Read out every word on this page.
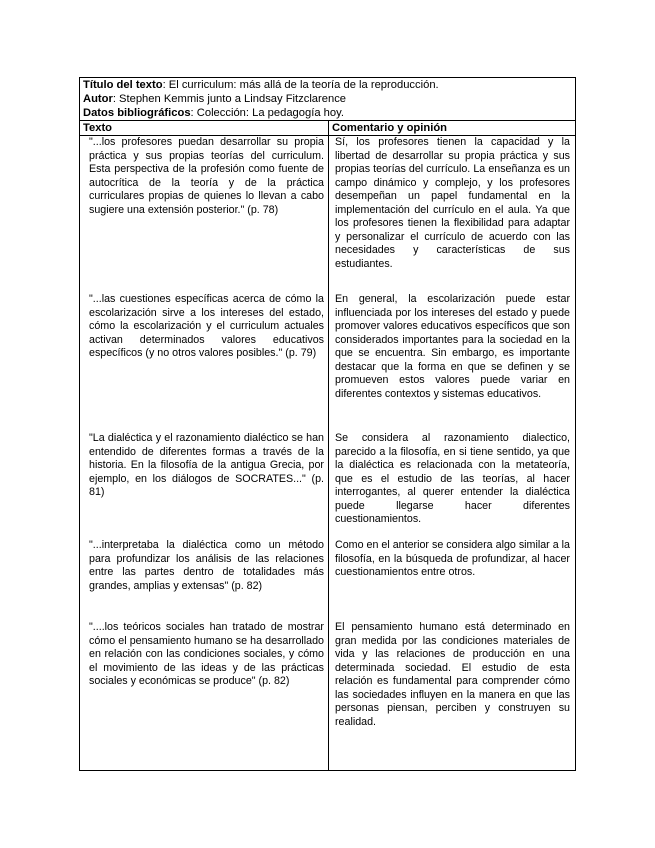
Título del texto: El curriculum: más allá de la teoría de la reproducción.
Autor: Stephen Kemmis junto a Lindsay Fitzclarence
Datos bibliográficos: Colección: La pedagogía hoy.
Texto	Comentario y opinión
"...los profesores puedan desarrollar su propia práctica y sus propias teorías del curriculum. Esta perspectiva de la profesión como fuente de autocrítica de la teoría y de la práctica curriculares propias de quienes lo llevan a cabo sugiere una extensión posterior." (p. 78)
"...las cuestiones específicas acerca de cómo la escolarización sirve a los intereses del estado, cómo la escolarización y el curriculum actuales activan determinados valores educativos específicos (y no otros valores posibles." (p. 79)
"La dialéctica y el razonamiento dialéctico se han entendido de diferentes formas a través de la historia. En la filosofía de la antigua Grecia, por ejemplo, en los diálogos de SOCRATES..." (p. 81)
"...interpretaba la dialéctica como un método para profundizar los análisis de las relaciones entre las partes dentro de totalidades más grandes, amplias y extensas" (p. 82)
"....los teóricos sociales han tratado de mostrar cómo el pensamiento humano se ha desarrollado en relación con las condiciones sociales, y cómo el movimiento de las ideas y de las prácticas sociales y económicas se produce" (p. 82)
Sí, los profesores tienen la capacidad y la libertad de desarrollar su propia práctica y sus propias teorías del currículo. La enseñanza es un campo dinámico y complejo, y los profesores desempeñan un papel fundamental en la implementación del currículo en el aula. Ya que los profesores tienen la flexibilidad para adaptar y personalizar el currículo de acuerdo con las necesidades y características de sus estudiantes.
En general, la escolarización puede estar influenciada por los intereses del estado y puede promover valores educativos específicos que son considerados importantes para la sociedad en la que se encuentra. Sin embargo, es importante destacar que la forma en que se definen y se promueven estos valores puede variar en diferentes contextos y sistemas educativos.
Se considera al razonamiento dialectico, parecido a la filosofía, en si tiene sentido, ya que la dialéctica es relacionada con la metateoría, que es el estudio de las teorías, al hacer interrogantes, al querer entender la dialéctica puede llegarse hacer diferentes cuestionamientos.
Como en el anterior se considera algo similar a la filosofía, en la búsqueda de profundizar, al hacer cuestionamientos entre otros.
El pensamiento humano está determinado en gran medida por las condiciones materiales de vida y las relaciones de producción en una determinada sociedad. El estudio de esta relación es fundamental para comprender cómo las sociedades influyen en la manera en que las personas piensan, perciben y construyen su realidad.
